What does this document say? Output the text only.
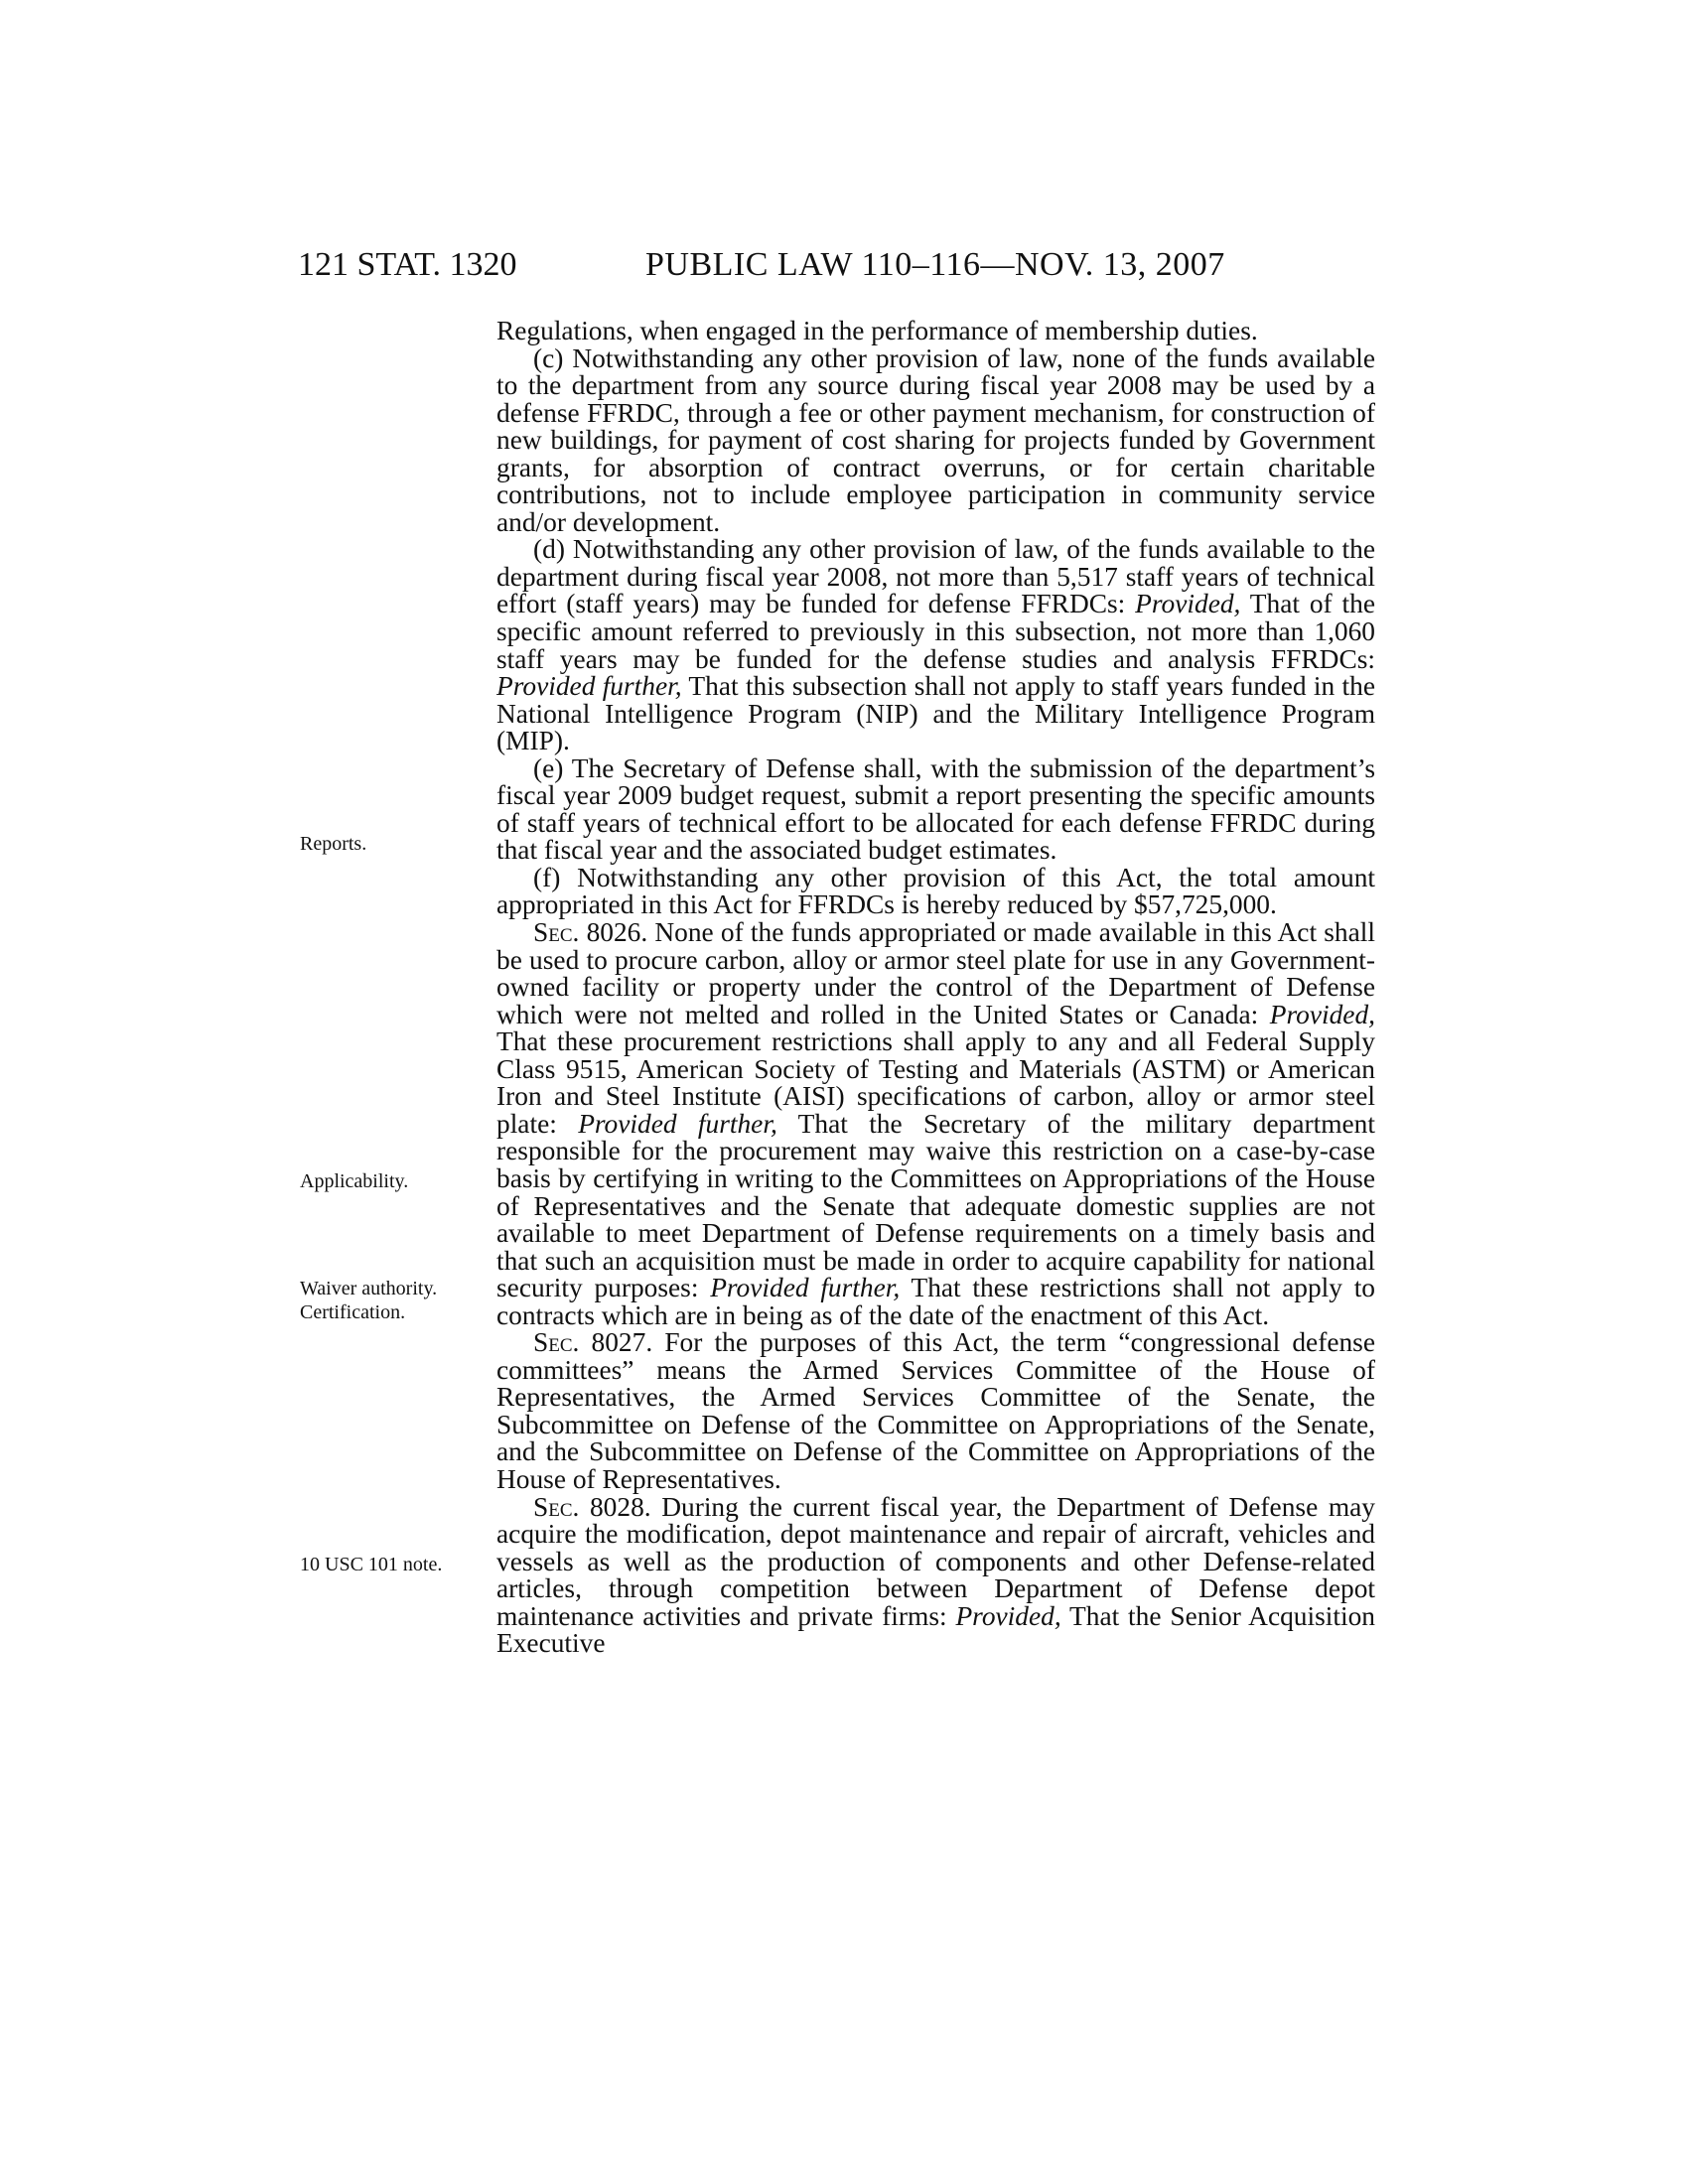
121 STAT. 1320	PUBLIC LAW 110–116—NOV. 13, 2007
Reports.
Applicability.
Waiver authority.
Certification.
10 USC 101 note.

Regulations, when engaged in the performance of membership duties.

(c) Notwithstanding any other provision of law, none of the funds available to the department from any source during fiscal year 2008 may be used by a defense FFRDC, through a fee or other payment mechanism, for construction of new buildings, for payment of cost sharing for projects funded by Government grants, for absorption of contract overruns, or for certain charitable contributions, not to include employee participation in community service and/or development.

(d) Notwithstanding any other provision of law, of the funds available to the department during fiscal year 2008, not more than 5,517 staff years of technical effort (staff years) may be funded for defense FFRDCs: Provided, That of the specific amount referred to previously in this subsection, not more than 1,060 staff years may be funded for the defense studies and analysis FFRDCs: Provided further, That this subsection shall not apply to staff years funded in the National Intelligence Program (NIP) and the Military Intelligence Program (MIP).

(e) The Secretary of Defense shall, with the submission of the department’s fiscal year 2009 budget request, submit a report presenting the specific amounts of staff years of technical effort to be allocated for each defense FFRDC during that fiscal year and the associated budget estimates.

(f) Notwithstanding any other provision of this Act, the total amount appropriated in this Act for FFRDCs is hereby reduced by $57,725,000.

Sec. 8026. None of the funds appropriated or made available in this Act shall be used to procure carbon, alloy or armor steel plate for use in any Government-owned facility or property under the control of the Department of Defense which were not melted and rolled in the United States or Canada: Provided, That these procurement restrictions shall apply to any and all Federal Supply Class 9515, American Society of Testing and Materials (ASTM) or American Iron and Steel Institute (AISI) specifications of carbon, alloy or armor steel plate: Provided further, That the Secretary of the military department responsible for the procurement may waive this restriction on a case-by-case basis by certifying in writing to the Committees on Appropriations of the House of Representatives and the Senate that adequate domestic supplies are not available to meet Department of Defense requirements on a timely basis and that such an acquisition must be made in order to acquire capability for national security purposes: Provided further, That these restrictions shall not apply to contracts which are in being as of the date of the enactment of this Act.

Sec. 8027. For the purposes of this Act, the term “congressional defense committees” means the Armed Services Committee of the House of Representatives, the Armed Services Committee of the Senate, the Subcommittee on Defense of the Committee on Appropriations of the Senate, and the Subcommittee on Defense of the Committee on Appropriations of the House of Representatives.

Sec. 8028. During the current fiscal year, the Department of Defense may acquire the modification, depot maintenance and repair of aircraft, vehicles and vessels as well as the production of components and other Defense-related articles, through competition between Department of Defense depot maintenance activities and private firms: Provided, That the Senior Acquisition Executive
